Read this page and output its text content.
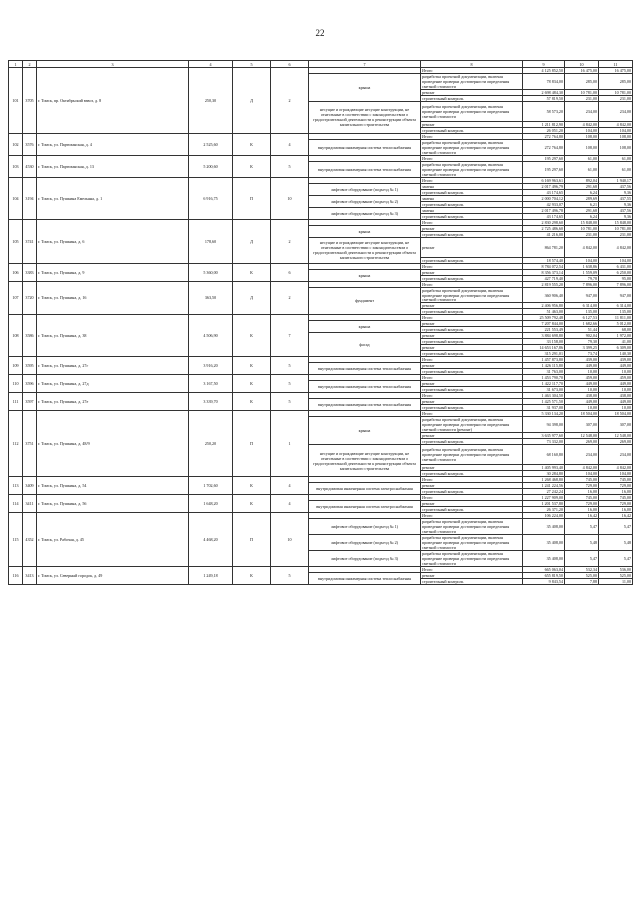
22
1	2	3	4	5	6	7	8	9	10	11
101	3705	г. Томск, пр. Октябрьский взвоз, д. 8	250,30	Д	2		Итого	4 125 852,50	16 475,00	16 475,00
						крыша	разработка проектной документации, включая проведение проверки достоверности определения сметной стоимости	78 834,00	285,00	285,00
							ремонт	2 698 484,30	10 781,00	10 781,00
							строительный контроль	57 819,50	231,00	231,00
						несущие и ограждающие несущие конструкции, не отнесенные в соответствии с законодательством о градостроительной деятельности к реконструкции объекта капитального строительства	разработка проектной документации, включая проведение проверки достоверности определения сметной стоимости	58 573,20	234,00	234,00
							ремонт	1 211 812,90	4 842,00	4 842,00
							строительный контроль	26 051,20	104,00	104,00
102	3576	г. Томск, ул. Партизанская, д. 4	2 525,60	К	4		Итого	272 764,80	108,00	108,00
						внутридомовая инженерная система теплоснабжения	разработка проектной документации, включая проведение проверки достоверности определения сметной стоимости	272 764,80	108,00	108,00
103	4530	г. Томск, ул. Партизанская, д. 13	5 200,60	К	5		Итого	195 297,60	61,00	61,00
						внутридомовая инженерная система теплоснабжения	разработка проектной документации, включая проведение проверки достоверности определения сметной стоимости	195 297,60	61,00	61,00
104	3194	г. Томск, ул. Пушкина Емельяна, д. 1	6 916,75	П	10		Итого	6 169 963,61	892,04	1 940,17
						лифтовое оборудование (подъезд № 1)	замена	2 017 496,79	291,68	437,56
							строительный контроль	43 174,65	6,24	9,36
						лифтовое оборудование (подъезд № 2)	замена	2 000 704,12	289,69	437,55
							строительный контроль	42 933,07	6,21	9,36
						лифтовое оборудование (подъезд № 3)	замена	2 017 496,78	291,68	437,56
							строительный контроль	43 174,65	6,24	9,36
105	3741	г. Томск, ул. Пушкина, д. 6	178,60	Д	2		Итого	2 830 298,60	15 848,00	15 848,00
						крыша	ремонт	2 725 486,60	10 781,00	10 781,00
							строительный контроль	41 216,00	231,00	231,00
						несущие и ограждающие несущие конструкции, не отнесенные в соответствии с законодательством о градостроительной деятельности к реконструкции объекта капитального строительства	ремонт	864 781,20	4 842,00	4 842,00
							строительный контроль	18 574,40	104,00	104,00
106	3383	г. Томск, ул. Пушкина, д. 9	5 360,00	К	6		Итого	8 784 072,54	1 638,86	6 431,00
						крыша	ремонт	8 356 373,14	1 559,09	6 250,00
							строительный контроль	427 719,40	79,78	95,00
107	3720	г. Томск, ул. Пушкина, д. 16	363,50	Д	2		Итого	2 819 555,20	7 896,00	7 896,00
						фундамент	разработка проектной документации, включая проведение проверки достоверности определения сметной стоимости	360 906,40	947,00	947,00
							ремонт	2 406 956,80	6 314,00	6 314,00
							строительный контроль	51 463,00	135,00	135,00
108	3586	г. Томск, ул. Пушкина, д. 38	4 506,90	К	7		Итого	25 509 792,48	6 127,53	11 811,00
						крыша	ремонт	7 207 844,00	1 682,66	5 012,00
							строительный контроль	221 553,49	51,44	68,00
						фасад	ремонт	3 884 698,80	902,04	1 972,00
							строительный контроль	33 158,00	79,30	41,00
							ремонт	14 653 167,86	3 399,25	6 309,00
							строительный контроль	315 291,01	73,74	140,30
109	3595	г. Томск, ул. Пушкина, д. 27г	3 916,20	К	5		Итого	1 457 873,80	439,00	439,00
						внутридомовая инженерная система теплоснабжения	ремонт	1 426 115,80	449,00	449,00
							строительный контроль	31 763,00	10,00	10,00
110	3596	г. Томск, ул. Пушкина, д. 27д	3 167,50	К	5		Итого	1 453 790,70	459,00	459,00
						внутридомовая инженерная система теплоснабжения	ремонт	1 422 117,70	449,00	449,00
							строительный контроль	31 673,00	10,00	10,00
111	3597	г. Томск, ул. Пушкина, д. 27е	3 339,70	К	5		Итого	1 463 304,50	438,00	438,00
						внутридомовая инженерная система теплоснабжения	ремонт	1 425 571,50	449,00	449,00
							строительный контроль	31 937,00	10,00	10,00
112	3751	г. Томск, ул. Пушкина, д. 48/9	250,20	П	1		Итого	5 330 134,20	18 504,00	18 504,00
						крыша	разработка проектной документации, включая проведение проверки достоверности определения сметной стоимости (ремонт)	94 398,00	307,00	307,00
							ремонт	3 635 977,60	12 548,00	12 548,00
							строительный контроль	73 332,00	269,00	269,00
						несущие и ограждающие несущие конструкции, не отнесенные в соответствии с законодательством о градостроительной деятельности к реконструкции объекта капитального строительства	разработка проектной документации, включая проведение проверки достоверности определения сметной стоимости	68 160,80	234,00	234,00
							ремонт	1 405 993,40	4 842,00	4 842,00
							строительный контроль	30 284,80	104,00	104,00
113	3409	г. Томск, ул. Пушкина, д. 54	1 702,60	К	4		Итого	1 268 468,80	745,00	745,00
						внутридомовая инженерная система электроснабжения	ремонт	1 241 224,56	729,00	729,00
							строительный контроль	27 242,24	16,00	16,00
114	3411	г. Томск, ул. Пушкина, д. 56	1 648,20	К	4		Итого	1 227 909,00	745,00	745,00
						внутридомовая инженерная система электроснабжения	ремонт	1 201 537,80	729,00	729,00
							строительный контроль	26 371,20	16,00	16,00
115	4352	г. Томск, ул. Рабочая, д. 45	4 468,20	П	10		Итого	106 224,00	16,42	16,42
						лифтовое оборудование (подъезд № 1)	разработка проектной документации, включая проведение проверки достоверности определения сметной стоимости	35 408,00	5,47	5,47
						лифтовое оборудование (подъезд № 2)	разработка проектной документации, включая проведение проверки достоверности определения сметной стоимости	35 408,00	5,48	5,48
						лифтовое оборудование (подъезд № 3)	разработка проектной документации, включая проведение проверки достоверности определения сметной стоимости	35 408,00	5,47	5,47
116	3413	г. Томск, ул. Северный городок, д. 49	1 249,18	К	5		Итого	665 063,04	532,34	536,00
						внутридомовая инженерная система теплоснабжения	ремонт	655 819,50	525,00	525,00
							строительный контроль	9 843,54	7,88	11,00
